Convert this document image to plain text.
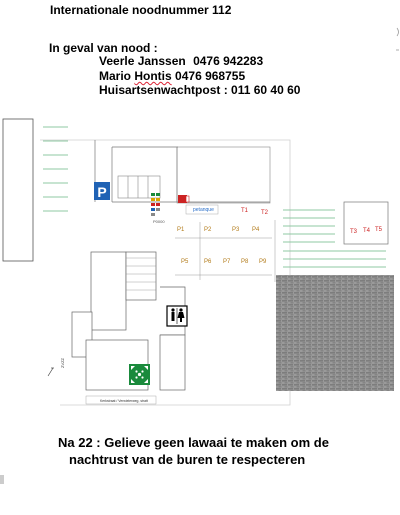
Internationale noodnummer 112
In geval van nood :
Veerle Janssen 0476 942283
Mario Hontis 0476 968755
Huisartsenwachtpost : 011 60 40 60
P
P0000
petanque	T1 T2
P1	P2	P3 P4
P5	P6 P7 P8 P9
T3 T4 T5
ZVZZ
Kerkstraat / Verwielerweg, stratt
Na 22 : Gelieve geen lawaai te maken om de
nachtrust van de buren te respecteren
